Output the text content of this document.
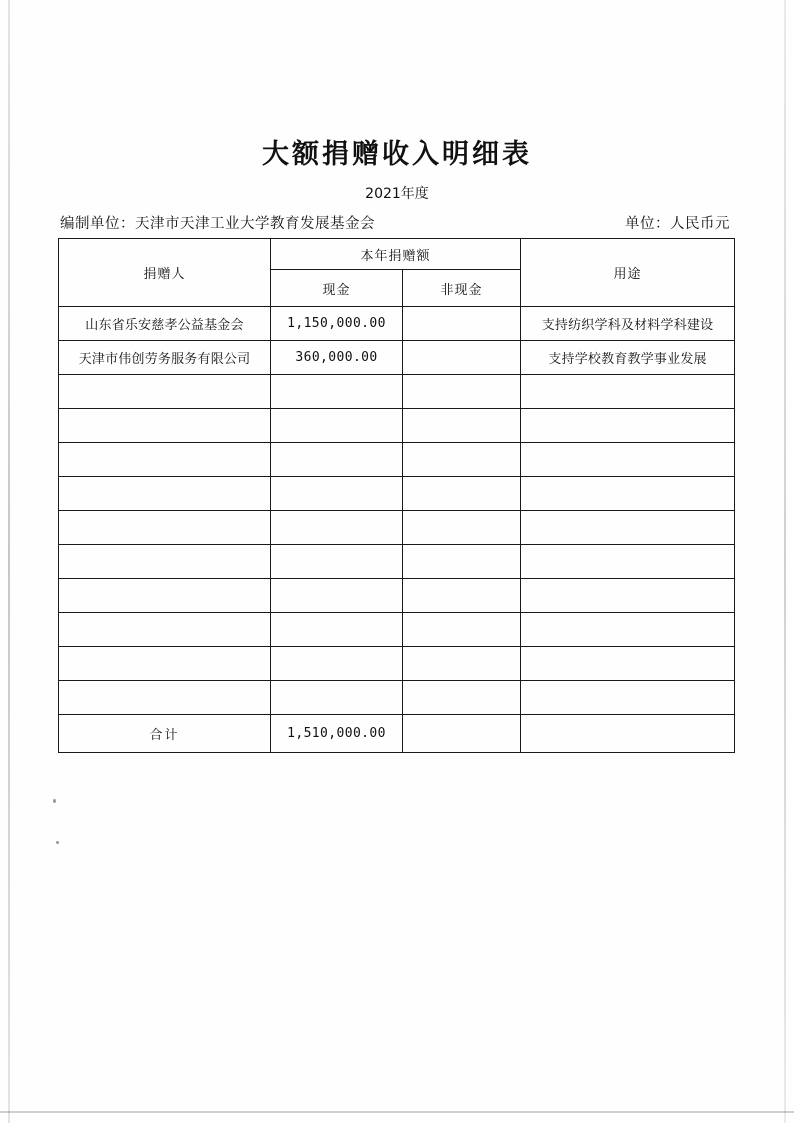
大额捐赠收入明细表
2021年度
编制单位：天津市天津工业大学教育发展基金会	单位：人民币元
捐赠人	本年捐赠额		用途
	现金	非现金	
山东省乐安慈孝公益基金会	1,150,000.00		支持纺织学科及材料学科建设
天津市伟创劳务服务有限公司	360,000.00		支持学校教育教学事业发展

合计	1,510,000.00		
